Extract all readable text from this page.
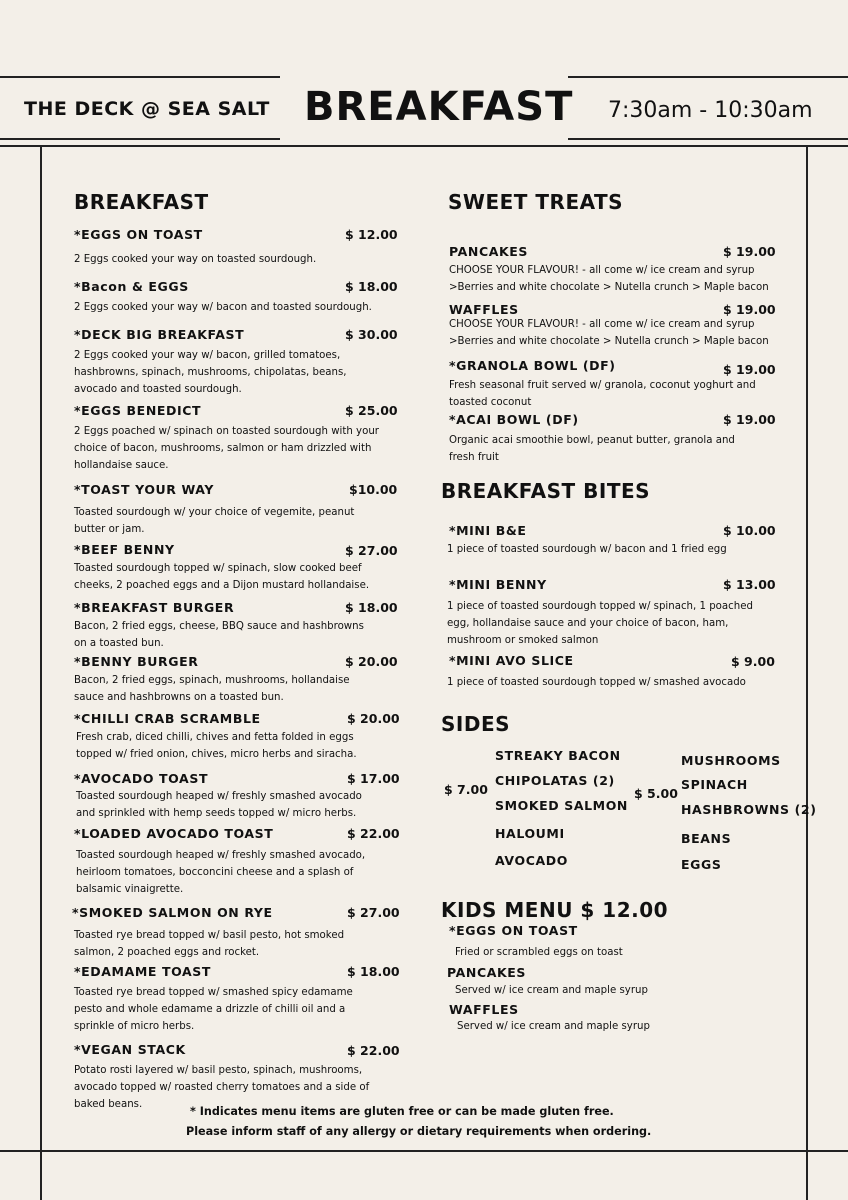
THE DECK @ SEA SALT BREAKFAST 7:30am - 10:30am
BREAKFAST
*EGGS ON TOAST	$ 12.00
2 Eggs cooked your way on toasted sourdough.
*Bacon & EGGS	$ 18.00
2 Eggs cooked your way w/ bacon and toasted sourdough.
*DECK BIG BREAKFAST	$ 30.00
2 Eggs cooked your way w/ bacon, grilled tomatoes, hashbrowns, spinach, mushrooms, chipolatas, beans, avocado and toasted sourdough.
*EGGS BENEDICT	$ 25.00
2 Eggs poached w/ spinach on toasted sourdough with your choice of bacon, mushrooms, salmon or ham drizzled with hollandaise sauce.
*TOAST YOUR WAY	$10.00
Toasted sourdough w/ your choice of vegemite, peanut butter or jam.
*BEEF BENNY	$ 27.00
Toasted sourdough topped w/ spinach, slow cooked beef cheeks, 2 poached eggs and a Dijon mustard hollandaise.
*BREAKFAST BURGER	$ 18.00
Bacon, 2 fried eggs, cheese, BBQ sauce and hashbrowns on a toasted bun.
*BENNY BURGER	$ 20.00
Bacon, 2 fried eggs, spinach, mushrooms, hollandaise sauce and hashbrowns on a toasted bun.
*CHILLI CRAB SCRAMBLE	$ 20.00
Fresh crab, diced chilli, chives and fetta folded in eggs topped w/ fried onion, chives, micro herbs and siracha.
*AVOCADO TOAST	$ 17.00
Toasted sourdough heaped w/ freshly smashed avocado and sprinkled with hemp seeds topped w/ micro herbs.
*LOADED AVOCADO TOAST	$ 22.00
Toasted sourdough heaped w/ freshly smashed avocado, heirloom tomatoes, bocconcini cheese and a splash of balsamic vinaigrette.
*SMOKED SALMON ON RYE	$ 27.00
Toasted rye bread topped w/ basil pesto, hot smoked salmon, 2 poached eggs and rocket.
*EDAMAME TOAST	$ 18.00
Toasted rye bread topped w/ smashed spicy edamame pesto and whole edamame a drizzle of chilli oil and a sprinkle of micro herbs.
*VEGAN STACK	$ 22.00
Potato rosti layered w/ basil pesto, spinach, mushrooms, avocado topped w/ roasted cherry tomatoes and a side of baked beans.
SWEET TREATS
PANCAKES	$ 19.00
CHOOSE YOUR FLAVOUR! - all come w/ ice cream and syrup >Berries and white chocolate > Nutella crunch > Maple bacon
WAFFLES	$ 19.00
CHOOSE YOUR FLAVOUR! - all come w/ ice cream and syrup >Berries and white chocolate > Nutella crunch > Maple bacon
*GRANOLA BOWL (DF)	$ 19.00
Fresh seasonal fruit served w/ granola, coconut yoghurt and toasted coconut
*ACAI BOWL (DF)	$ 19.00
Organic acai smoothie bowl, peanut butter, granola and fresh fruit
BREAKFAST BITES
*MINI B&E	$ 10.00
1 piece of toasted sourdough w/ bacon and 1 fried egg
*MINI BENNY	$ 13.00
1 piece of toasted sourdough topped w/ spinach, 1 poached egg, hollandaise sauce and your choice of bacon, ham, mushroom or smoked salmon
*MINI AVO SLICE	$ 9.00
1 piece of toasted sourdough topped w/ smashed avocado
SIDES
$ 7.00
STREAKY BACON
CHIPOLATAS (2)
SMOKED SALMON
HALOUMI
AVOCADO
$ 5.00
MUSHROOMS
SPINACH
HASHBROWNS (2)
BEANS
EGGS
KIDS MENU $ 12.00
*EGGS ON TOAST
Fried or scrambled eggs on toast
PANCAKES
Served w/ ice cream and maple syrup
WAFFLES
Served w/ ice cream and maple syrup
* Indicates menu items are gluten free or can be made gluten free.
Please inform staff of any allergy or dietary requirements when ordering.
